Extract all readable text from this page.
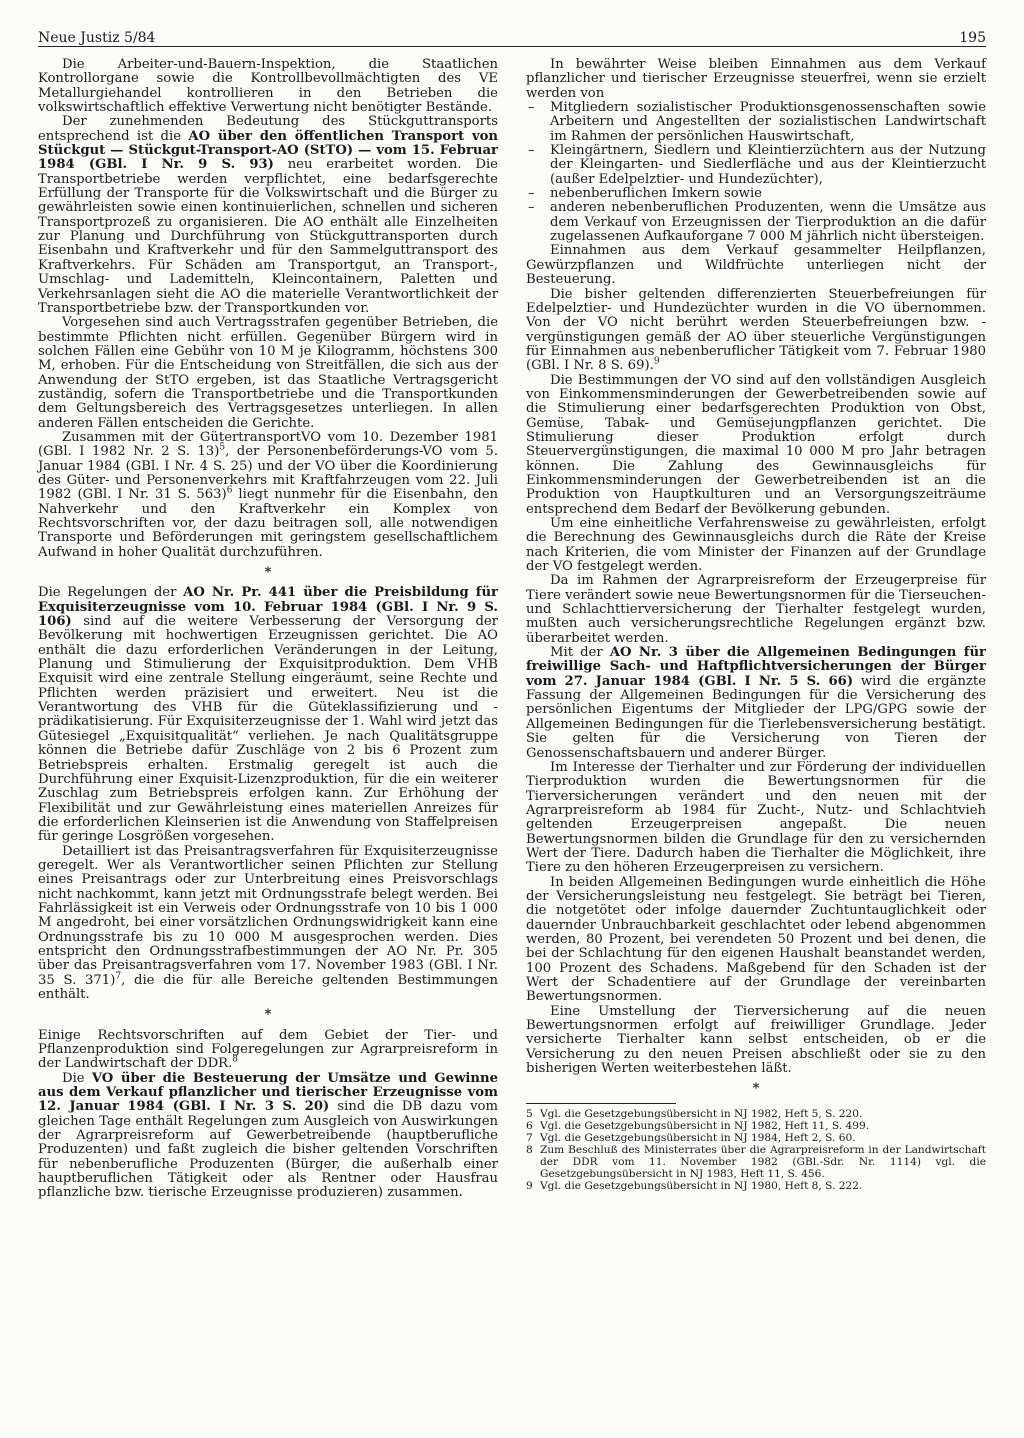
Neue Justiz 5/84	195

Die Arbeiter-und-Bauern-Inspektion, die Staatlichen Kontrollorgane sowie die Kontrollbevollmächtigten des VE Metallurgiehandel kontrollieren in den Betrieben die volkswirtschaftlich effektive Verwertung nicht benötigter Bestände.

Der zunehmenden Bedeutung des Stückguttransports entsprechend ist die AO über den öffentlichen Transport von Stückgut — Stückgut-Transport-AO (StTO) — vom 15. Februar 1984 (GBl. I Nr. 9 S. 93) neu erarbeitet worden. Die Transportbetriebe werden verpflichtet, eine bedarfsgerechte Erfüllung der Transporte für die Volkswirtschaft und die Bürger zu gewährleisten sowie einen kontinuierlichen, schnellen und sicheren Transportprozeß zu organisieren. Die AO enthält alle Einzelheiten zur Planung und Durchführung von Stückguttransporten durch Eisenbahn und Kraftverkehr und für den Sammelguttransport des Kraftverkehrs. Für Schäden am Transportgut, an Transport-, Umschlag- und Lademitteln, Kleincontainern, Paletten und Verkehrsanlagen sieht die AO die materielle Verantwortlichkeit der Transportbetriebe bzw. der Transportkunden vor.

Vorgesehen sind auch Vertragsstrafen gegenüber Betrieben, die bestimmte Pflichten nicht erfüllen. Gegenüber Bürgern wird in solchen Fällen eine Gebühr von 10 M je Kilogramm, höchstens 300 M, erhoben. Für die Entscheidung von Streitfällen, die sich aus der Anwendung der StTO ergeben, ist das Staatliche Vertragsgericht zuständig, sofern die Transportbetriebe und die Transportkunden dem Geltungsbereich des Vertragsgesetzes unterliegen. In allen anderen Fällen entscheiden die Gerichte.

Zusammen mit der GütertransportVO vom 10. Dezember 1981 (GBl. I 1982 Nr. 2 S. 13)$^5$, der Personenbeförderungs-VO vom 5. Januar 1984 (GBl. I Nr. 4 S. 25) und der VO über die Koordinierung des Güter- und Personenverkehrs mit Kraftfahrzeugen vom 22. Juli 1982 (GBl. I Nr. 31 S. 563)$^6$ liegt nunmehr für die Eisenbahn, den Nahverkehr und den Kraftverkehr ein Komplex von Rechtsvorschriften vor, der dazu beitragen soll, alle notwendigen Transporte und Beförderungen mit geringstem gesellschaftlichem Aufwand in hoher Qualität durchzuführen.

*

Die Regelungen der AO Nr. Pr. 441 über die Preisbildung für Exquisiterzeugnisse vom 10. Februar 1984 (GBl. I Nr. 9 S. 106) sind auf die weitere Verbesserung der Versorgung der Bevölkerung mit hochwertigen Erzeugnissen gerichtet. Die AO enthält die dazu erforderlichen Veränderungen in der Leitung, Planung und Stimulierung der Exquisitproduktion. Dem VHB Exquisit wird eine zentrale Stellung eingeräumt, seine Rechte und Pflichten werden präzisiert und erweitert. Neu ist die Verantwortung des VHB für die Güteklassifizierung und -prädikatisierung. Für Exquisiterzeugnisse der 1. Wahl wird jetzt das Gütesiegel „Exquisitqualität“ verliehen. Je nach Qualitätsgruppe können die Betriebe dafür Zuschläge von 2 bis 6 Prozent zum Betriebspreis erhalten. Erstmalig geregelt ist auch die Durchführung einer Exquisit-Lizenzproduktion, für die ein weiterer Zuschlag zum Betriebspreis erfolgen kann. Zur Erhöhung der Flexibilität und zur Gewährleistung eines materiellen Anreizes für die erforderlichen Kleinserien ist die Anwendung von Staffelpreisen für geringe Losgrößen vorgesehen.

Detailliert ist das Preisantragsverfahren für Exquisiterzeugnisse geregelt. Wer als Verantwortlicher seinen Pflichten zur Stellung eines Preisantrags oder zur Unterbreitung eines Preisvorschlags nicht nachkommt, kann jetzt mit Ordnungsstrafe belegt werden. Bei Fahrlässigkeit ist ein Verweis oder Ordnungsstrafe von 10 bis 1 000 M angedroht, bei einer vorsätzlichen Ordnungswidrigkeit kann eine Ordnungsstrafe bis zu 10 000 M ausgesprochen werden. Dies entspricht den Ordnungsstrafbestimmungen der AO Nr. Pr. 305 über das Preisantragsverfahren vom 17. November 1983 (GBl. I Nr. 35 S. 371)$^7$, die die für alle Bereiche geltenden Bestimmungen enthält.

*

Einige Rechtsvorschriften auf dem Gebiet der Tier- und Pflanzenproduktion sind Folgeregelungen zur Agrarpreisreform in der Landwirtschaft der DDR.$^8$

Die VO über die Besteuerung der Umsätze und Gewinne aus dem Verkauf pflanzlicher und tierischer Erzeugnisse vom 12. Januar 1984 (GBl. I Nr. 3 S. 20) sind die DB dazu vom gleichen Tage enthält Regelungen zum Ausgleich von Auswirkungen der Agrarpreisreform auf Gewerbetreibende (hauptberufliche Produzenten) und faßt zugleich die bisher geltenden Vorschriften für nebenberufliche Produzenten (Bürger, die außerhalb einer hauptberuflichen Tätigkeit oder als Rentner oder Hausfrau pflanzliche bzw. tierische Erzeugnisse produzieren) zusammen.

In bewährter Weise bleiben Einnahmen aus dem Verkauf pflanzlicher und tierischer Erzeugnisse steuerfrei, wenn sie erzielt werden von

– Mitgliedern sozialistischer Produktionsgenossenschaften sowie Arbeitern und Angestellten der sozialistischen Landwirtschaft im Rahmen der persönlichen Hauswirtschaft,
– Kleingärtnern, Siedlern und Kleintierzüchtern aus der Nutzung der Kleingarten- und Siedlerfläche und aus der Kleintierzucht (außer Edelpelztier- und Hundezüchter),
– nebenberuflichen Imkern sowie
– anderen nebenberuflichen Produzenten, wenn die Umsätze aus dem Verkauf von Erzeugnissen der Tierproduktion an die dafür zugelassenen Aufkauforgane 7 000 M jährlich nicht übersteigen.

Einnahmen aus dem Verkauf gesammelter Heilpflanzen, Gewürzpflanzen und Wildfrüchte unterliegen nicht der Besteuerung.

Die bisher geltenden differenzierten Steuerbefreiungen für Edelpelztier- und Hundezüchter wurden in die VO übernommen. Von der VO nicht berührt werden Steuerbefreiungen bzw. -vergünstigungen gemäß der AO über steuerliche Vergünstigungen für Einnahmen aus nebenberuflicher Tätigkeit vom 7. Februar 1980 (GBl. I Nr. 8 S. 69).$^9$

Die Bestimmungen der VO sind auf den vollständigen Ausgleich von Einkommensminderungen der Gewerbetreibenden sowie auf die Stimulierung einer bedarfsgerechten Produktion von Obst, Gemüse, Tabak- und Gemüsejungpflanzen gerichtet. Die Stimulierung dieser Produktion erfolgt durch Steuervergünstigungen, die maximal 10 000 M pro Jahr betragen können. Die Zahlung des Gewinnausgleichs für Einkommensminderungen der Gewerbetreibenden ist an die Produktion von Hauptkulturen und an Versorgungszeiträume entsprechend dem Bedarf der Bevölkerung gebunden.

Um eine einheitliche Verfahrensweise zu gewährleisten, erfolgt die Berechnung des Gewinnausgleichs durch die Räte der Kreise nach Kriterien, die vom Minister der Finanzen auf der Grundlage der VO festgelegt werden.

Da im Rahmen der Agrarpreisreform der Erzeugerpreise für Tiere verändert sowie neue Bewertungsnormen für die Tierseuchen- und Schlachttierversicherung der Tierhalter festgelegt wurden, mußten auch versicherungsrechtliche Regelungen ergänzt bzw. überarbeitet werden.

Mit der AO Nr. 3 über die Allgemeinen Bedingungen für freiwillige Sach- und Haftpflichtversicherungen der Bürger vom 27. Januar 1984 (GBl. I Nr. 5 S. 66) wird die ergänzte Fassung der Allgemeinen Bedingungen für die Versicherung des persönlichen Eigentums der Mitglieder der LPG/GPG sowie der Allgemeinen Bedingungen für die Tierlebensversicherung bestätigt. Sie gelten für die Versicherung von Tieren der Genossenschaftsbauern und anderer Bürger.

Im Interesse der Tierhalter und zur Förderung der individuellen Tierproduktion wurden die Bewertungsnormen für die Tierversicherungen verändert und den neuen mit der Agrarpreisreform ab 1984 für Zucht-, Nutz- und Schlachtvieh geltenden Erzeugerpreisen angepaßt. Die neuen Bewertungsnormen bilden die Grundlage für den zu versichernden Wert der Tiere. Dadurch haben die Tierhalter die Möglichkeit, ihre Tiere zu den höheren Erzeugerpreisen zu versichern.

In beiden Allgemeinen Bedingungen wurde einheitlich die Höhe der Versicherungsleistung neu festgelegt. Sie beträgt bei Tieren, die notgetötet oder infolge dauernder Zuchtuntauglichkeit oder dauernder Unbrauchbarkeit geschlachtet oder lebend abgenommen werden, 80 Prozent, bei verendeten 50 Prozent und bei denen, die bei der Schlachtung für den eigenen Haushalt beanstandet werden, 100 Prozent des Schadens. Maßgebend für den Schaden ist der Wert der Schadentiere auf der Grundlage der vereinbarten Bewertungsnormen.

Eine Umstellung der Tierversicherung auf die neuen Bewertungsnormen erfolgt auf freiwilliger Grundlage. Jeder versicherte Tierhalter kann selbst entscheiden, ob er die Versicherung zu den neuen Preisen abschließt oder sie zu den bisherigen Werten weiterbestehen läßt.

*
5 Vgl. die Gesetzgebungsübersicht in NJ 1982, Heft 5, S. 220.
6 Vgl. die Gesetzgebungsübersicht in NJ 1982, Heft 11, S. 499.
7 Vgl. die Gesetzgebungsübersicht in NJ 1984, Heft 2, S. 60.
8 Zum Beschluß des Ministerrates über die Agrarpreisreform in der Landwirtschaft der DDR vom 11. November 1982 (GBl.-Sdr. Nr. 1114) vgl. die Gesetzgebungsübersicht in NJ 1983, Heft 11, S. 456.
9 Vgl. die Gesetzgebungsübersicht in NJ 1980, Heft 8, S. 222.
